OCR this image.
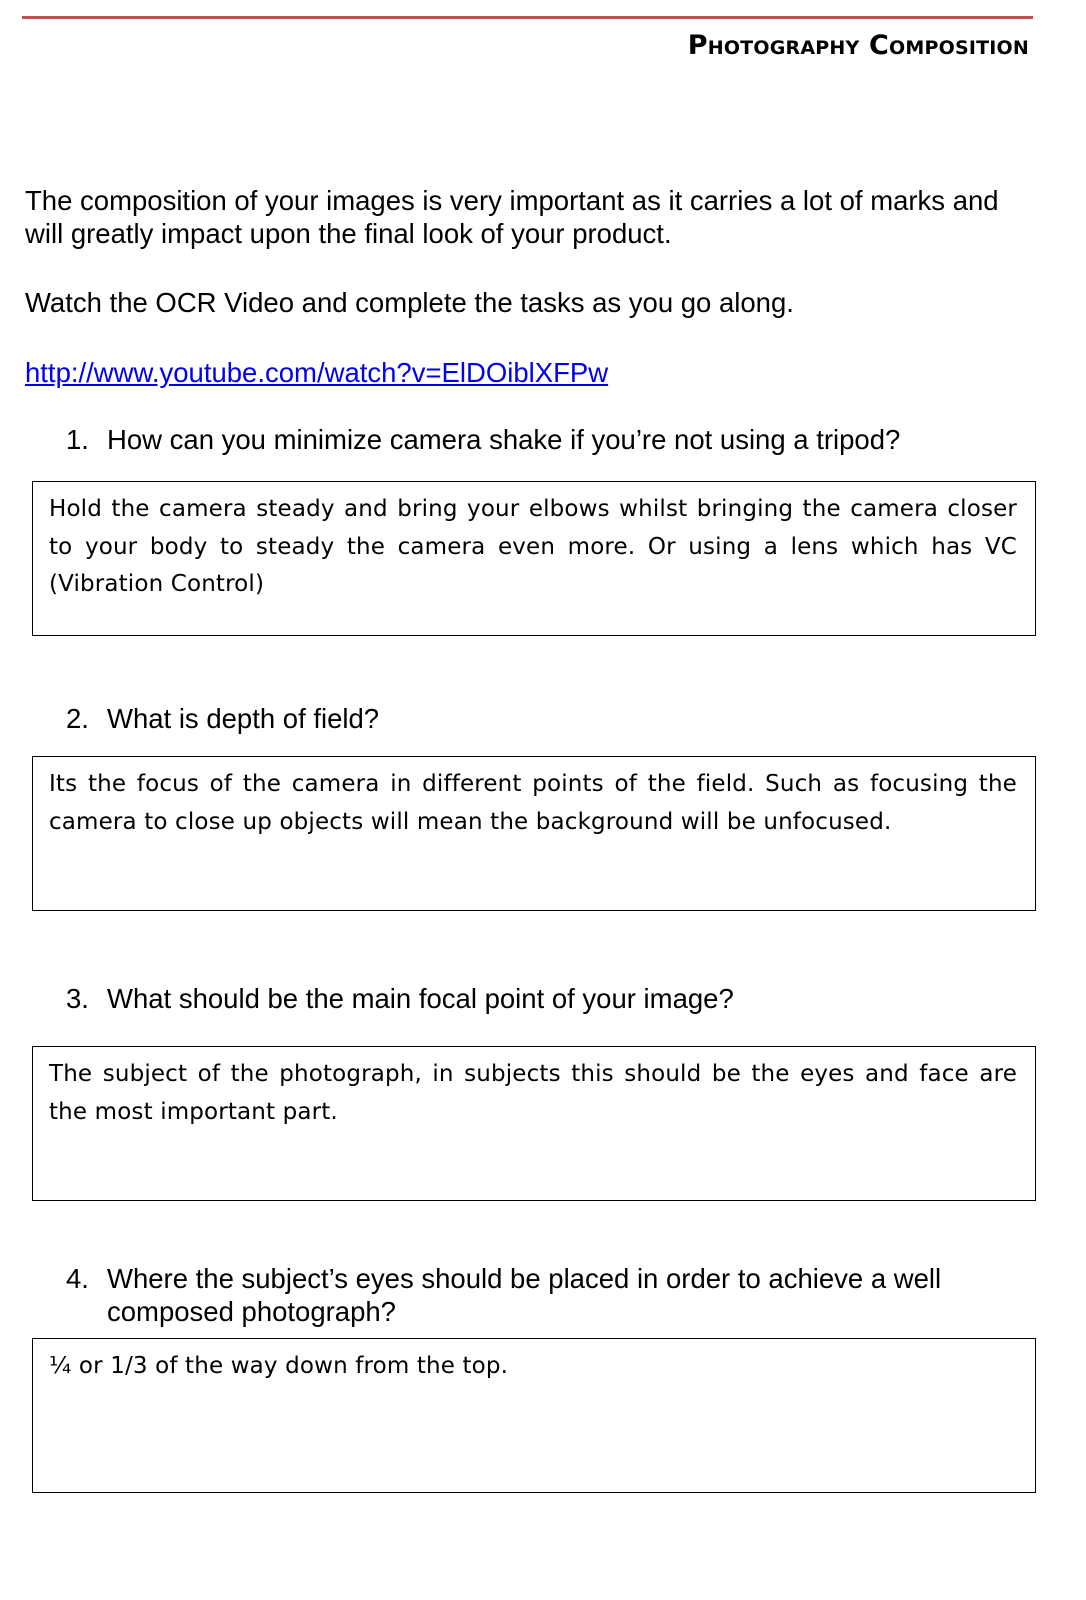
Photography Composition
The composition of your images is very important as it carries a lot of marks and will greatly impact upon the final look of your product.
Watch the OCR Video and complete the tasks as you go along.
http://www.youtube.com/watch?v=ElDOiblXFPw
1. How can you minimize camera shake if you’re not using a tripod?
Hold the camera steady and bring your elbows whilst bringing the camera closer to your body to steady the camera even more. Or using a lens which has VC (Vibration Control)
2. What is depth of field?
Its the focus of the camera in different points of the field. Such as focusing the camera to close up objects will mean the background will be unfocused.
3. What should be the main focal point of your image?
The subject of the photograph, in subjects this should be the eyes and face are the most important part.
4. Where the subject’s eyes should be placed in order to achieve a well composed photograph?
¼ or 1/3 of the way down from the top.
